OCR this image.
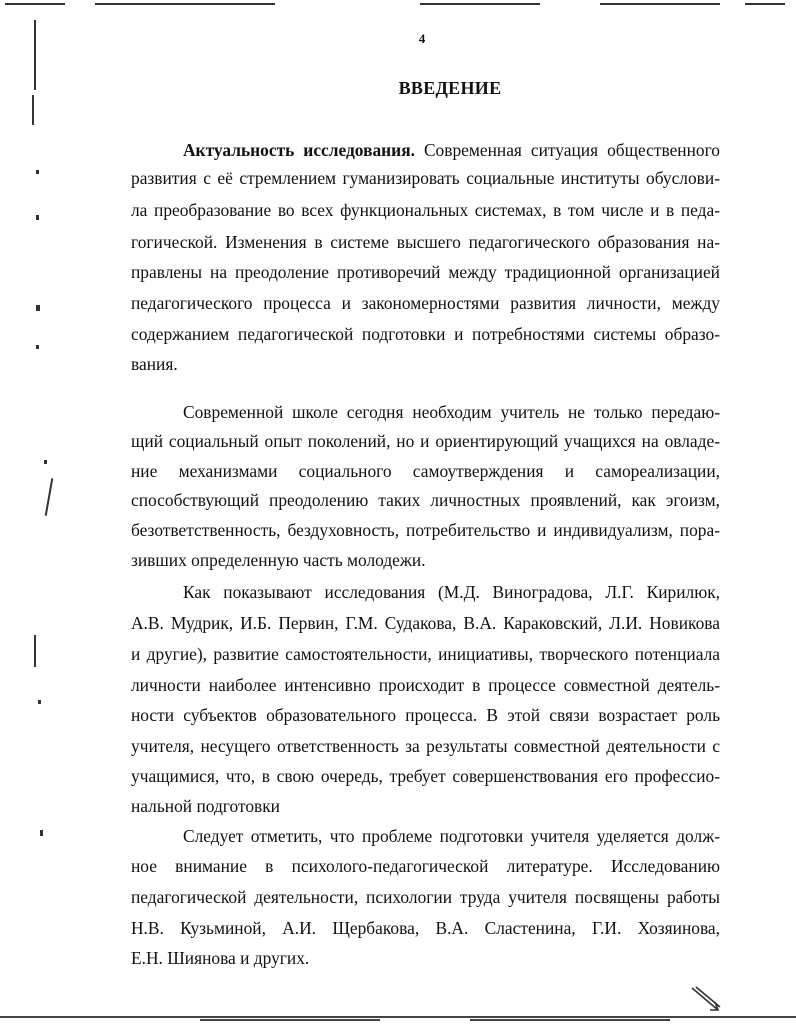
4
ВВЕДЕНИЕ
Актуальность исследования. Современная ситуация общественного
развития с её стремлением гуманизировать социальные институты обуслови-
ла преобразование во всех функциональных системах, в том числе и в педа-
гогической. Изменения в системе высшего педагогического образования на-
правлены на преодоление противоречий между традиционной организацией
педагогического процесса и закономерностями развития личности, между
содержанием педагогической подготовки и потребностями системы образо-
вания.
Современной школе сегодня необходим учитель не только передаю-
щий социальный опыт поколений, но и ориентирующий учащихся на овладе-
ние механизмами социального самоутверждения и самореализации,
способствующий преодолению таких личностных проявлений, как эгоизм,
безответственность, бездуховность, потребительство и индивидуализм, пора-
зивших определенную часть молодежи.
Как показывают исследования (М.Д. Виноградова, Л.Г. Кирилюк,
А.В. Мудрик, И.Б. Первин, Г.М. Судакова, В.А. Караковский, Л.И. Новикова
и другие), развитие самостоятельности, инициативы, творческого потенциала
личности наиболее интенсивно происходит в процессе совместной деятель-
ности субъектов образовательного процесса. В этой связи возрастает роль
учителя, несущего ответственность за результаты совместной деятельности с
учащимися, что, в свою очередь, требует совершенствования его профессио-
нальной подготовки
Следует отметить, что проблеме подготовки учителя уделяется долж-
ное внимание в психолого-педагогической литературе. Исследованию
педагогической деятельности, психологии труда учителя посвящены работы
Н.В. Кузьминой, А.И. Щербакова, В.А. Сластенина, Г.И. Хозяинова,
Е.Н. Шиянова и других.
